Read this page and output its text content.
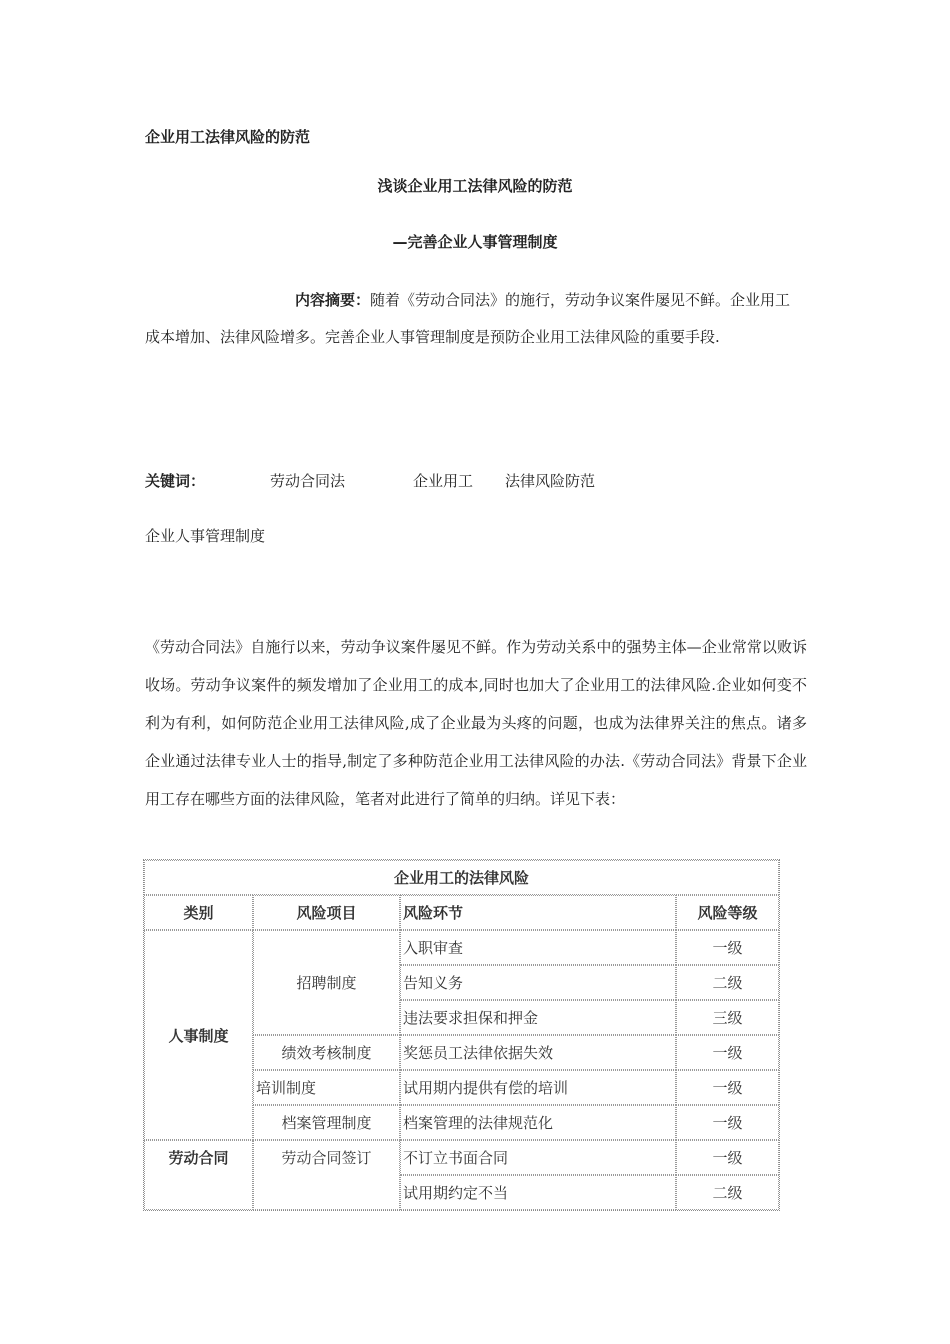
企业用工法律风险的防范
浅谈企业用工法律风险的防范
—完善企业人事管理制度
内容摘要：随着《劳动合同法》的施行，劳动争议案件屡见不鲜。企业用工成本增加、法律风险增多。完善企业人事管理制度是预防企业用工法律风险的重要手段.
关键词：	劳动合同法	企业用工 法律风险防范
企业人事管理制度
《劳动合同法》自施行以来，劳动争议案件屡见不鲜。作为劳动关系中的强势主体—企业常常以败诉收场。劳动争议案件的频发增加了企业用工的成本,同时也加大了企业用工的法律风险.企业如何变不利为有利，如何防范企业用工法律风险,成了企业最为头疼的问题，也成为法律界关注的焦点。诸多企业通过法律专业人士的指导,制定了多种防范企业用工法律风险的办法.《劳动合同法》背景下企业用工存在哪些方面的法律风险，笔者对此进行了简单的归纳。详见下表：
企业用工的法律风险			
类别	风险项目	风险环节	风险等级
人事制度	招聘制度	入职审查	一级
		告知义务	二级
		违法要求担保和押金	三级
	绩效考核制度	奖惩员工法律依据失效	一级
	培训制度	试用期内提供有偿的培训	一级
	档案管理制度	档案管理的法律规范化	一级
劳动合同	劳动合同签订	不订立书面合同	一级
		试用期约定不当	二级
